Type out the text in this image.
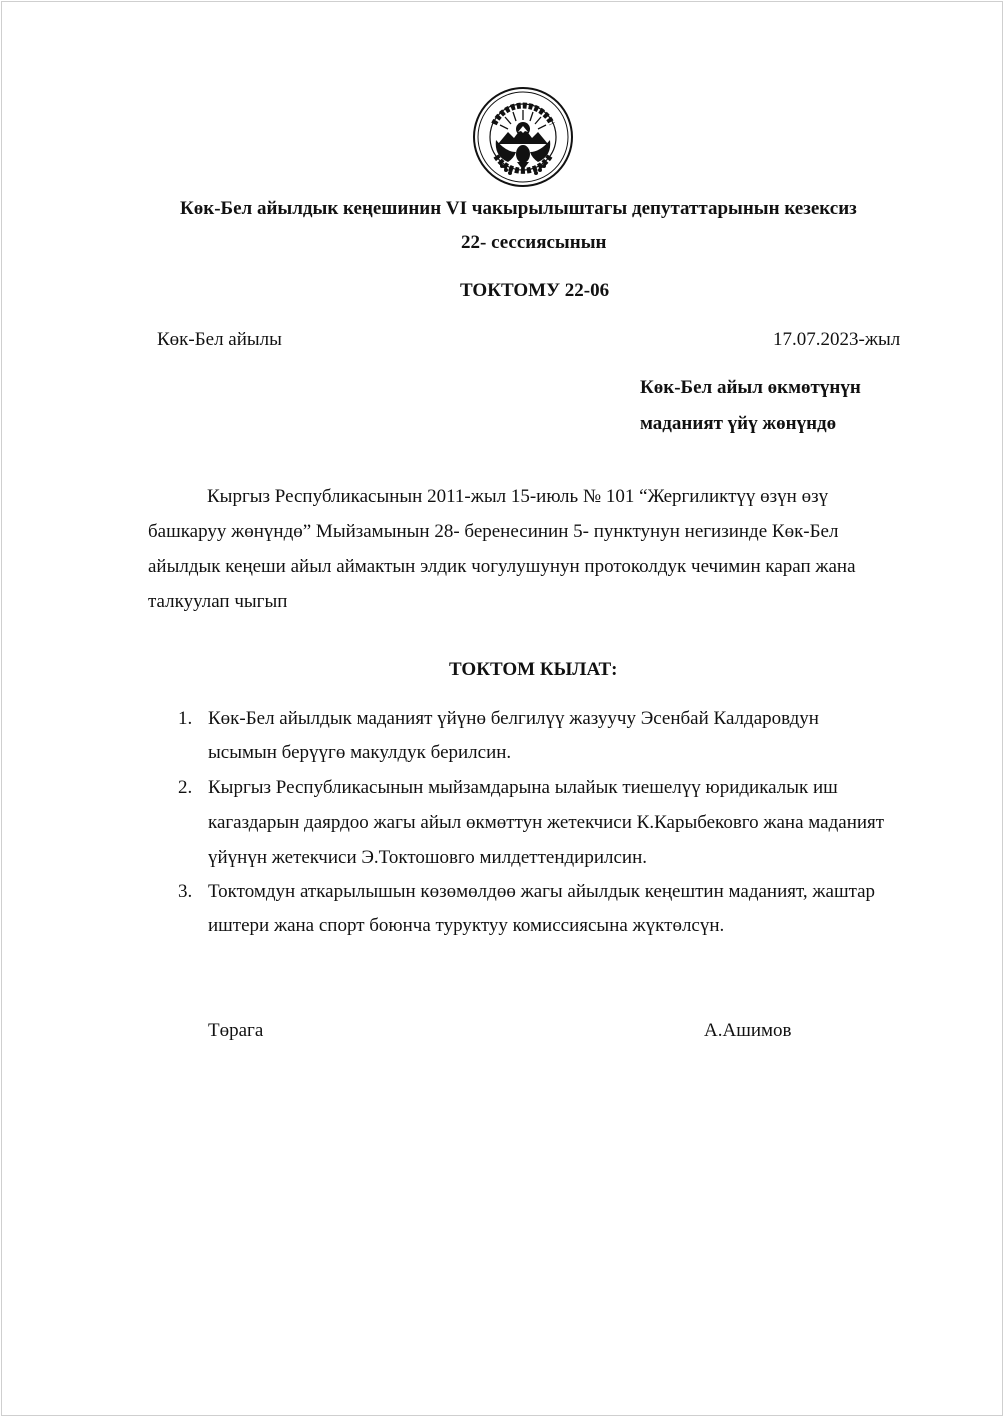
Көк-Бел айылдык кеңешинин VI чакырылыштагы депутаттарынын кезексиз

22- сессиясынын

ТОКТОМУ 22-06

Көк-Бел айылы	17.07.2023-жыл

Көк-Бел айыл өкмөтүнүн

маданият үйү жөнүндө

Кыргыз Республикасынын 2011-жыл 15-июль № 101 “Жергиликтүү өзүн өзү

башкаруу жөнүндө” Мыйзамынын 28- беренесинин 5- пунктунун негизинде Көк-Бел

айылдык кеңеши айыл аймактын элдик чогулушунун протоколдук чечимин карап жана

талкуулап чыгып

ТОКТОМ КЫЛАТ:

1. Көк-Бел айылдык маданият үйүнө белгилүү жазуучу Эсенбай Калдаровдун

ысымын берүүгө макулдук берилсин.

2. Кыргыз Республикасынын мыйзамдарына ылайык тиешелүү юридикалык иш

кагаздарын даярдоо жагы айыл өкмөттун жетекчиси К.Карыбековго жана маданият

үйүнүн жетекчиси Э.Токтошовго милдеттендирилсин.

3. Токтомдун аткарылышын көзөмөлдөө жагы айылдык кеңештин маданият, жаштар

иштери жана спорт боюнча туруктуу комиссиясына жүктөлсүн.

Төрага	А.Ашимов
